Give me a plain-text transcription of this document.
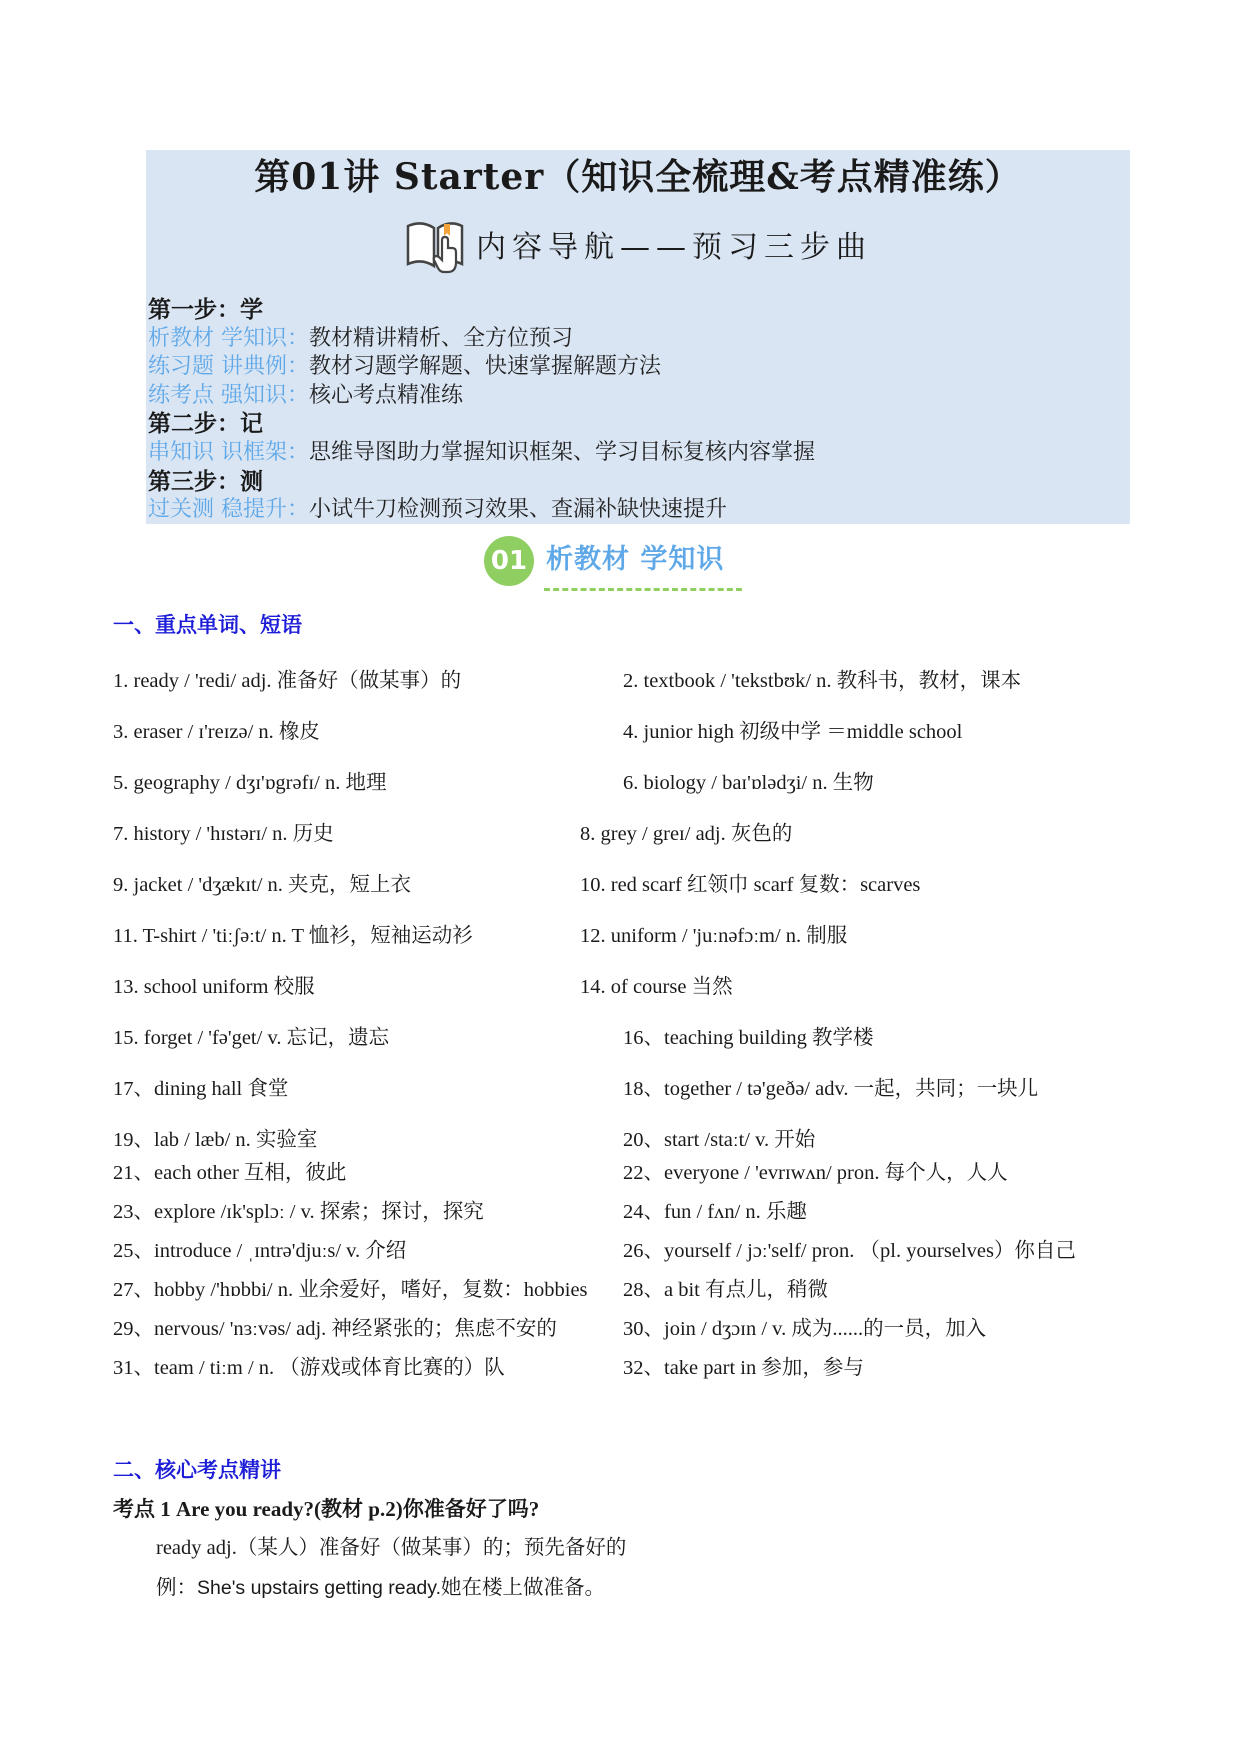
第01讲 Starter（知识全梳理&考点精准练）
内容导航——预习三步曲
第一步：学
析教材 学知识：教材精讲精析、全方位预习
练习题 讲典例：教材习题学解题、快速掌握解题方法
练考点 强知识：核心考点精准练
第二步：记
串知识 识框架：思维导图助力掌握知识框架、学习目标复核内容掌握
第三步：测
过关测 稳提升：小试牛刀检测预习效果、查漏补缺快速提升
01 析教材 学知识
一、重点单词、短语
1. ready / 'redi/ adj. 准备好（做某事）的	2. textbook / 'tekstbʊk/ n. 教科书，教材，课本
3. eraser / ɪ'reɪzə/ n. 橡皮	4. junior high 初级中学 ＝middle school
5. geography / dʒɪ'ɒgrəfɪ/ n. 地理	6. biology / baɪ'ɒlədʒi/ n. 生物
7. history / 'hɪstərɪ/ n. 历史	8. grey / greɪ/ adj. 灰色的
9. jacket / 'dʒækɪt/ n. 夹克，短上衣	10. red scarf 红领巾 scarf 复数：scarves
11. T-shirt / 'tiːʃəːt/ n. T 恤衫，短袖运动衫	12. uniform / 'juːnəfɔːm/ n. 制服
13. school uniform 校服	14. of course 当然
15. forget / 'fə'get/ v. 忘记，遗忘	16、teaching building 教学楼
17、dining hall 食堂	18、together / tə'geðə/ adv. 一起，共同；一块儿
19、lab / læb/ n. 实验室	20、start /staːt/ v. 开始
21、each other 互相，彼此	22、everyone / 'evrɪwʌn/ pron. 每个人，人人
23、explore /ɪk'splɔː / v. 探索；探讨，探究	24、fun / fʌn/ n. 乐趣
25、introduce / ˌɪntrə'djuːs/ v. 介绍	26、yourself / jɔː'self/ pron. （pl. yourselves）你自己
27、hobby /'hɒbbi/ n. 业余爱好，嗜好，复数：hobbies 28、a bit 有点儿，稍微
29、nervous/ 'nɜːvəs/ adj. 神经紧张的；焦虑不安的	30、join / dʒɔɪn / v. 成为......的一员，加入
31、team / tiːm / n. （游戏或体育比赛的）队	32、take part in 参加，参与
二、核心考点精讲
考点 1 Are you ready?(教材 p.2)你准备好了吗?
ready adj.（某人）准备好（做某事）的；预先备好的
例：She's upstairs getting ready.她在楼上做准备。
